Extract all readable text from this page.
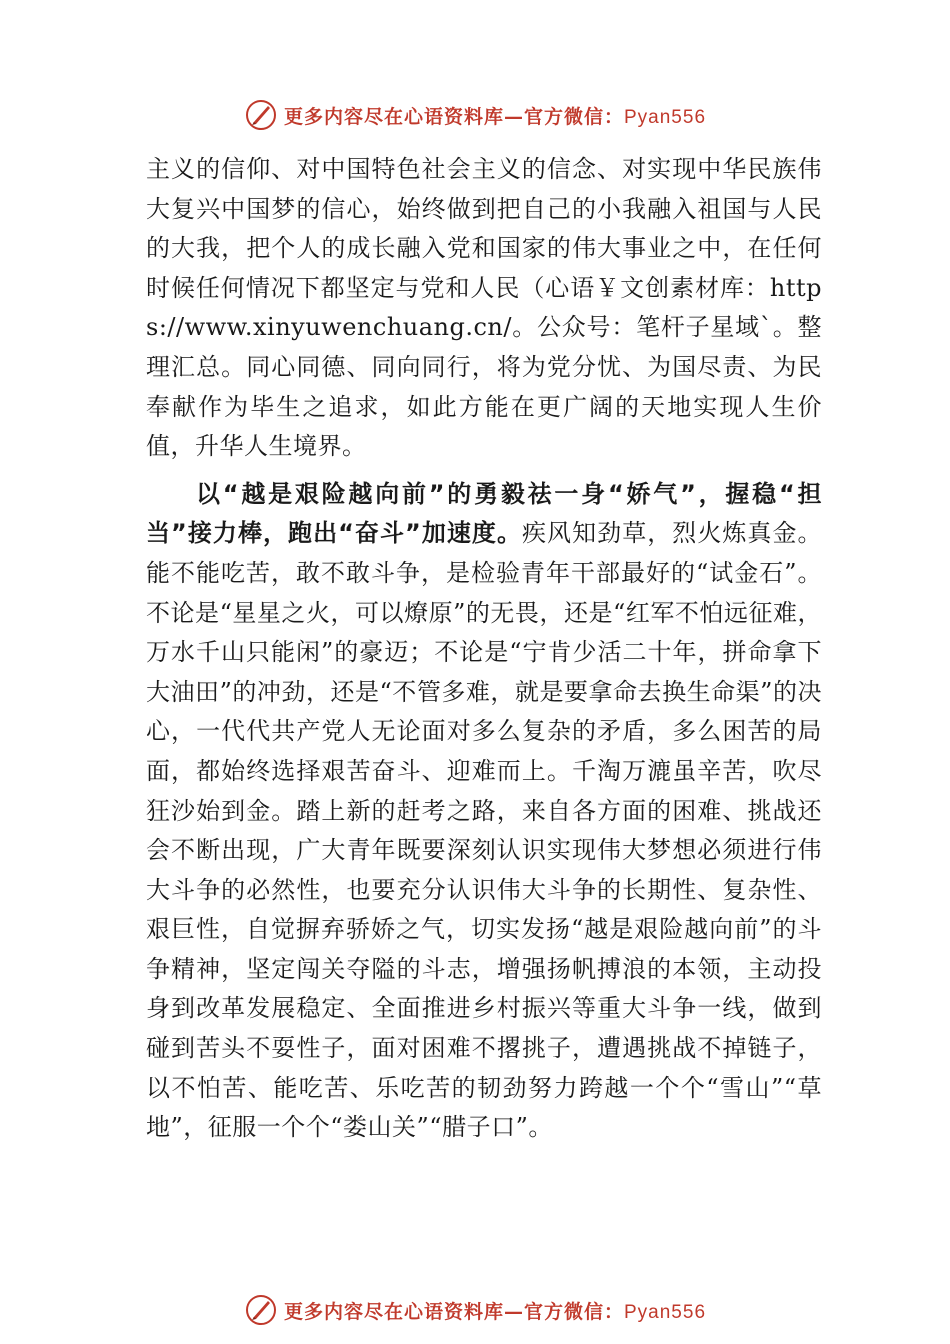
更多内容尽在心语资料库—官方微信：Pyan556

主义的信仰、对中国特色社会主义的信念、对实现中华民族伟大复兴中国梦的信心，始终做到把自己的小我融入祖国与人民的大我，把个人的成长融入党和国家的伟大事业之中，在任何时候任何情况下都坚定与党和人民（心语￥文创素材库：https://www.xinyuwenchuang.cn/。公众号：笔杆子星域`。整理汇总。同心同德、同向同行，将为党分忧、为国尽责、为民奉献作为毕生之追求，如此方能在更广阔的天地实现人生价值，升华人生境界。

以“越是艰险越向前”的勇毅祛一身“娇气”，握稳“担当”接力棒，跑出“奋斗”加速度。疾风知劲草，烈火炼真金。能不能吃苦，敢不敢斗争，是检验青年干部最好的“试金石”。不论是“星星之火，可以燎原”的无畏，还是“红军不怕远征难，万水千山只能闲”的豪迈；不论是“宁肯少活二十年，拼命拿下大油田”的冲劲，还是“不管多难，就是要拿命去换生命渠”的决心，一代代共产党人无论面对多么复杂的矛盾，多么困苦的局面，都始终选择艰苦奋斗、迎难而上。千淘万漉虽辛苦，吹尽狂沙始到金。踏上新的赶考之路，来自各方面的困难、挑战还会不断出现，广大青年既要深刻认识实现伟大梦想必须进行伟大斗争的必然性，也要充分认识伟大斗争的长期性、复杂性、艰巨性，自觉摒弃骄娇之气，切实发扬“越是艰险越向前”的斗争精神，坚定闯关夺隘的斗志，增强扬帆搏浪的本领，主动投身到改革发展稳定、全面推进乡村振兴等重大斗争一线，做到碰到苦头不耍性子，面对困难不撂挑子，遭遇挑战不掉链子，以不怕苦、能吃苦、乐吃苦的韧劲努力跨越一个个“雪山”“草地”，征服一个个“娄山关”“腊子口”。

更多内容尽在心语资料库—官方微信：Pyan556
